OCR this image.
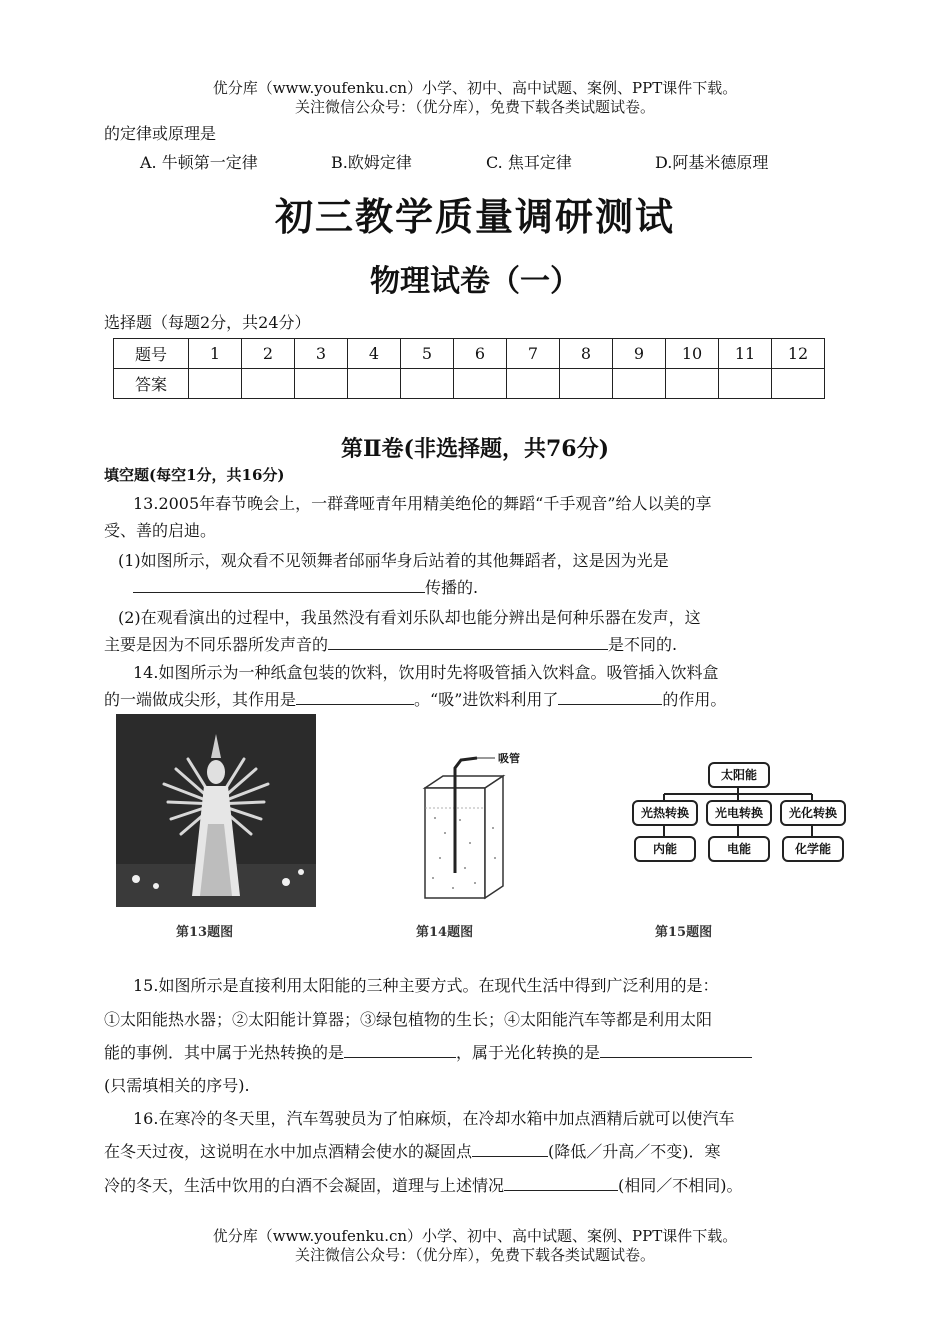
优分库（www.youfenku.cn）小学、初中、高中试题、案例、PPT课件下载。
关注微信公众号：（优分库），免费下载各类试题试卷。
的定律或原理是
A. 牛顿第一定律	B.欧姆定律	C. 焦耳定律	D.阿基米德原理
初三教学质量调研测试
物理试卷（一）
选择题（每题2分，共24分）
题号	1	2	3	4	5	6	7	8	9	10	11	12
答案												
第Ⅱ卷(非选择题，共76分)
填空题(每空1分，共16分)
13.2005年春节晚会上，一群聋哑青年用精美绝伦的舞蹈“千手观音”给人以美的享
受、善的启迪。
(1)如图所示，观众看不见领舞者邰丽华身后站着的其他舞蹈者，这是因为光是
传播的.
(2)在观看演出的过程中，我虽然没有看刘乐队却也能分辨出是何种乐器在发声，这
主要是因为不同乐器所发声音的	是不同的.
14.如图所示为一种纸盒包装的饮料，饮用时先将吸管插入饮料盒。吸管插入饮料盒
的一端做成尖形，其作用是	。“吸”进饮料利用了	的作用。
第13题图
吸管
第14题图
太阳能
光热转换	光电转换	光化转换
内能	电能	化学能
第15题图
15.如图所示是直接利用太阳能的三种主要方式。在现代生活中得到广泛利用的是：
①太阳能热水器；②太阳能计算器；③绿包植物的生长；④太阳能汽车等都是利用太阳
能的事例．其中属于光热转换的是	，属于光化转换的是
(只需填相关的序号).
16.在寒冷的冬天里，汽车驾驶员为了怕麻烦，在冷却水箱中加点酒精后就可以使汽车
在冬天过夜，这说明在水中加点酒精会使水的凝固点	(降低／升高／不变)．寒
冷的冬天，生活中饮用的白酒不会凝固，道理与上述情况	(相同／不相同)。
优分库（www.youfenku.cn）小学、初中、高中试题、案例、PPT课件下载。
关注微信公众号：（优分库），免费下载各类试题试卷。
